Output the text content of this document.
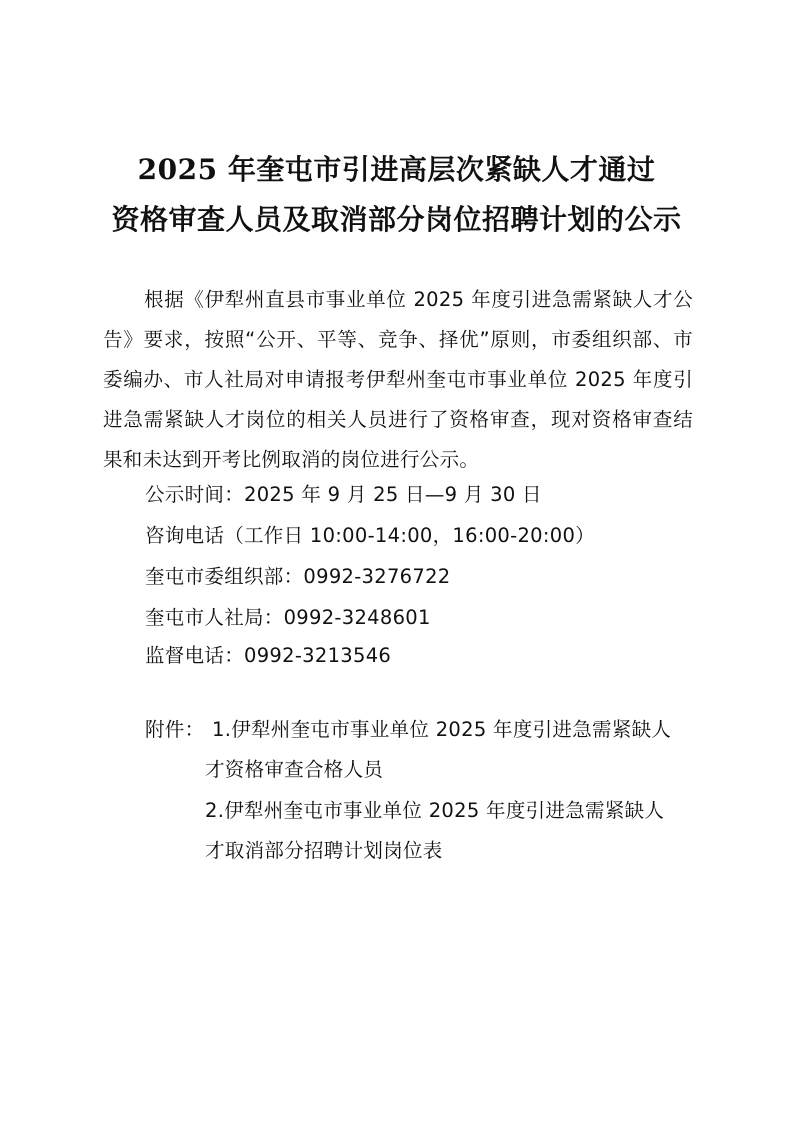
2025 年奎屯市引进高层次紧缺人才通过
资格审查人员及取消部分岗位招聘计划的公示

根据《伊犁州直县市事业单位 2025 年度引进急需紧缺人才公告》要求，按照“公开、平等、竞争、择优”原则，市委组织部、市委编办、市人社局对申请报考伊犁州奎屯市事业单位 2025 年度引进急需紧缺人才岗位的相关人员进行了资格审查，现对资格审查结果和未达到开考比例取消的岗位进行公示。

公示时间：2025 年 9 月 25 日—9 月 30 日
咨询电话（工作日 10:00-14:00，16:00-20:00）
奎屯市委组织部：0992-3276722
奎屯市人社局：0992-3248601
监督电话：0992-3213546
附件： 1.伊犁州奎屯市事业单位 2025 年度引进急需紧缺人
才资格审查合格人员
2.伊犁州奎屯市事业单位 2025 年度引进急需紧缺人
才取消部分招聘计划岗位表
